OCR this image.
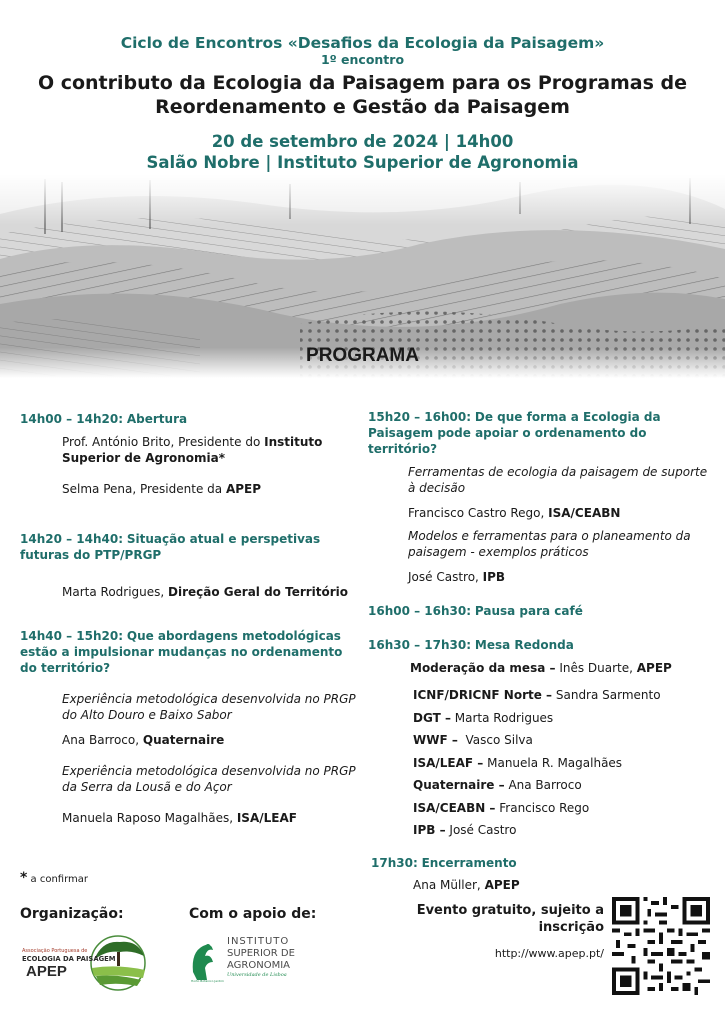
Ciclo de Encontros «Desafios da Ecologia da Paisagem»
1º encontro
O contributo da Ecologia da Paisagem para os Programas de
Reordenamento e Gestão da Paisagem
20 de setembro de 2024 | 14h00
Salão Nobre | Instituto Superior de Agronomia
PROGRAMA

14h00 – 14h20: Abertura

Prof. António Brito, Presidente do Instituto Superior de Agronomia*

Selma Pena, Presidente da APEP

14h20 – 14h40: Situação atual e perspetivas futuras do PTP/PRGP

Marta Rodrigues, Direção Geral do Território

14h40 – 15h20: Que abordagens metodológicas estão a impulsionar mudanças no ordenamento do território?

Experiência metodológica desenvolvida no PRGP do Alto Douro e Baixo Sabor

Ana Barroco, Quaternaire

Experiência metodológica desenvolvida no PRGP da Serra da Lousã e do Açor

Manuela Raposo Magalhães, ISA/LEAF

15h20 – 16h00: De que forma a Ecologia da Paisagem pode apoiar o ordenamento do território?

Ferramentas de ecologia da paisagem de suporte à decisão

Francisco Castro Rego, ISA/CEABN

Modelos e ferramentas para o planeamento da paisagem - exemplos práticos

José Castro, IPB

16h00 – 16h30: Pausa para café

16h30 – 17h30: Mesa Redonda

Moderação da mesa – Inês Duarte, APEP

ICNF/DRICNF Norte – Sandra Sarmento

DGT – Marta Rodrigues

WWF –  Vasco Silva

ISA/LEAF – Manuela R. Magalhães

Quaternaire – Ana Barroco

ISA/CEABN – Francisco Rego

IPB – José Castro

17h30: Encerramento

Ana Müller, APEP

* a confirmar
Organização:	Com o apoio de:
Associação Portuguesa de
ECOLOGIA DA PAISAGEM
APEP
Horto Botânico Jardim
INSTITUTO
SUPERIOR DE
AGRONOMIA
Universidade de Lisboa
Evento gratuito, sujeito a inscrição
http://www.apep.pt/
